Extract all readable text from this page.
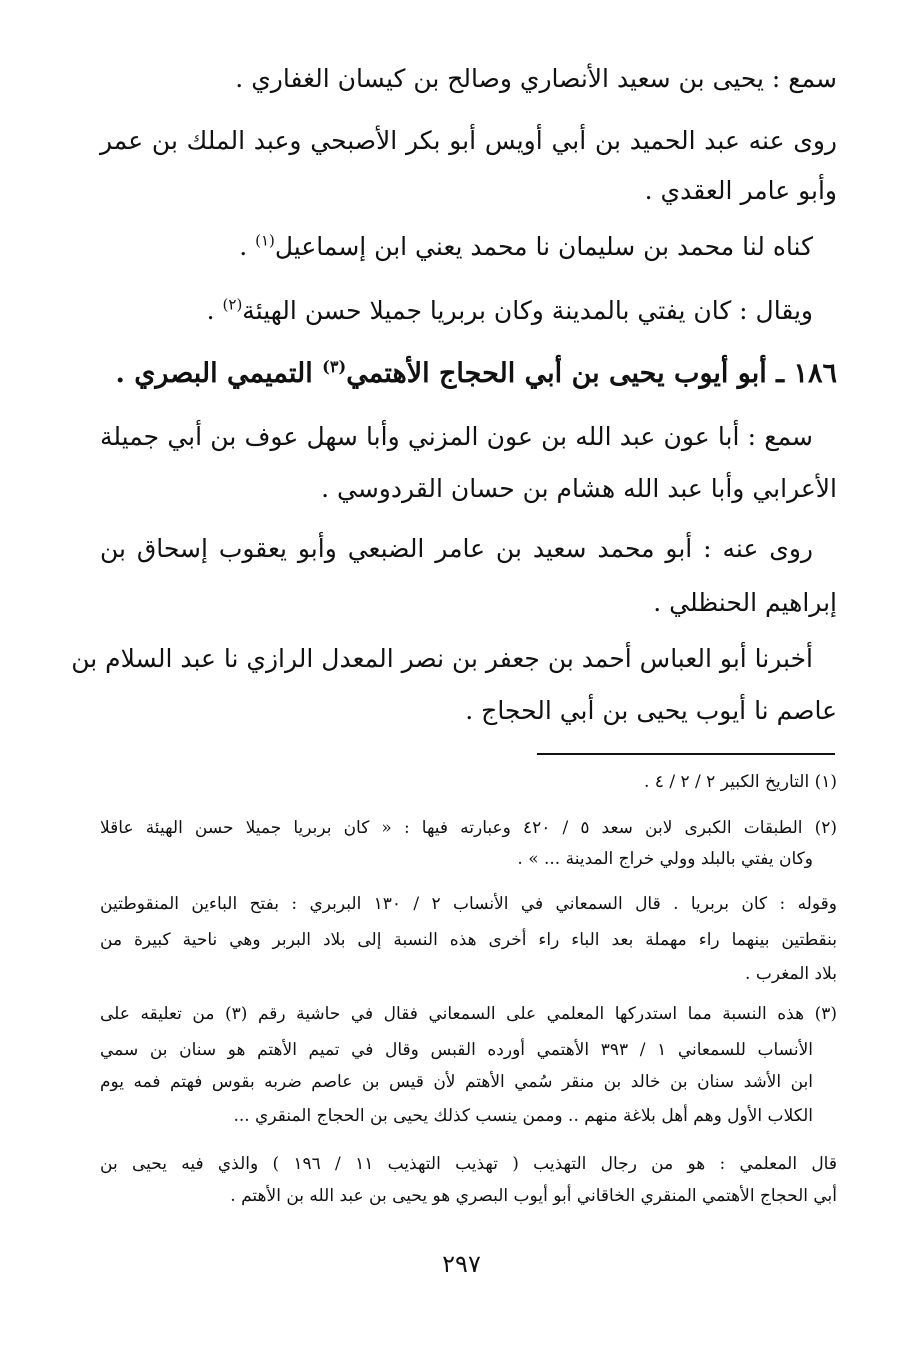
سمع : يحيى بن سعيد الأنصاري وصالح بن كيسان الغفاري .
روى عنه عبد الحميد بن أبي أويس أبو بكر الأصبحي وعبد الملك بن عمر
وأبو عامر العقدي .
كناه لنا محمد بن سليمان نا محمد يعني ابن إسماعيل$^{(١)}$ .
ويقال : كان يفتي بالمدينة وكان بربريا جميلا حسن الهيئة$^{(٢)}$ .
١٨٦ ـ أبو أيوب يحيى بن أبي الحجاج الأهتمي$^{(٣)}$ التميمي البصري .
سمع : أبا عون عبد الله بن عون المزني وأبا سهل عوف بن أبي جميلة
الأعرابي وأبا عبد الله هشام بن حسان القردوسي .
روى عنه : أبو محمد سعيد بن عامر الضبعي وأبو يعقوب إسحاق بن
إبراهيم الحنظلي .
أخبرنا أبو العباس أحمد بن جعفر بن نصر المعدل الرازي نا عبد السلام بن
عاصم نا أيوب يحيى بن أبي الحجاج .
(١) التاريخ الكبير ٢ / ٢ / ٤ .
(٢) الطبقات الكبرى لابن سعد ٥ / ٤٢٠ وعبارته فيها : « كان بربريا جميلا حسن الهيئة عاقلا
وكان يفتي بالبلد وولي خراج المدينة ... » .
وقوله : كان بربريا . قال السمعاني في الأنساب ٢ / ١٣٠ البربري : بفتح الباءين المنقوطتين
بنقطتين بينهما راء مهملة بعد الباء راء أخرى هذه النسبة إلى بلاد البربر وهي ناحية كبيرة من
بلاد المغرب .
(٣) هذه النسبة مما استدركها المعلمي على السمعاني فقال في حاشية رقم (٣) من تعليقه على
الأنساب للسمعاني ١ / ٣٩٣ الأهتمي أورده القبس وقال في تميم الأهتم هو سنان بن سمي
ابن الأشد سنان بن خالد بن منقر سُمي الأهتم لأن قيس بن عاصم ضربه بقوس فهتم فمه يوم
الكلاب الأول وهم أهل بلاغة منهم .. وممن ينسب كذلك يحيى بن الحجاج المنقري ...
قال المعلمي : هو من رجال التهذيب ( تهذيب التهذيب ١١ / ١٩٦ ) والذي فيه يحيى بن
أبي الحجاج الأهتمي المنقري الخاقاني أبو أيوب البصري هو يحيى بن عبد الله بن الأهتم .
٢٩٧
